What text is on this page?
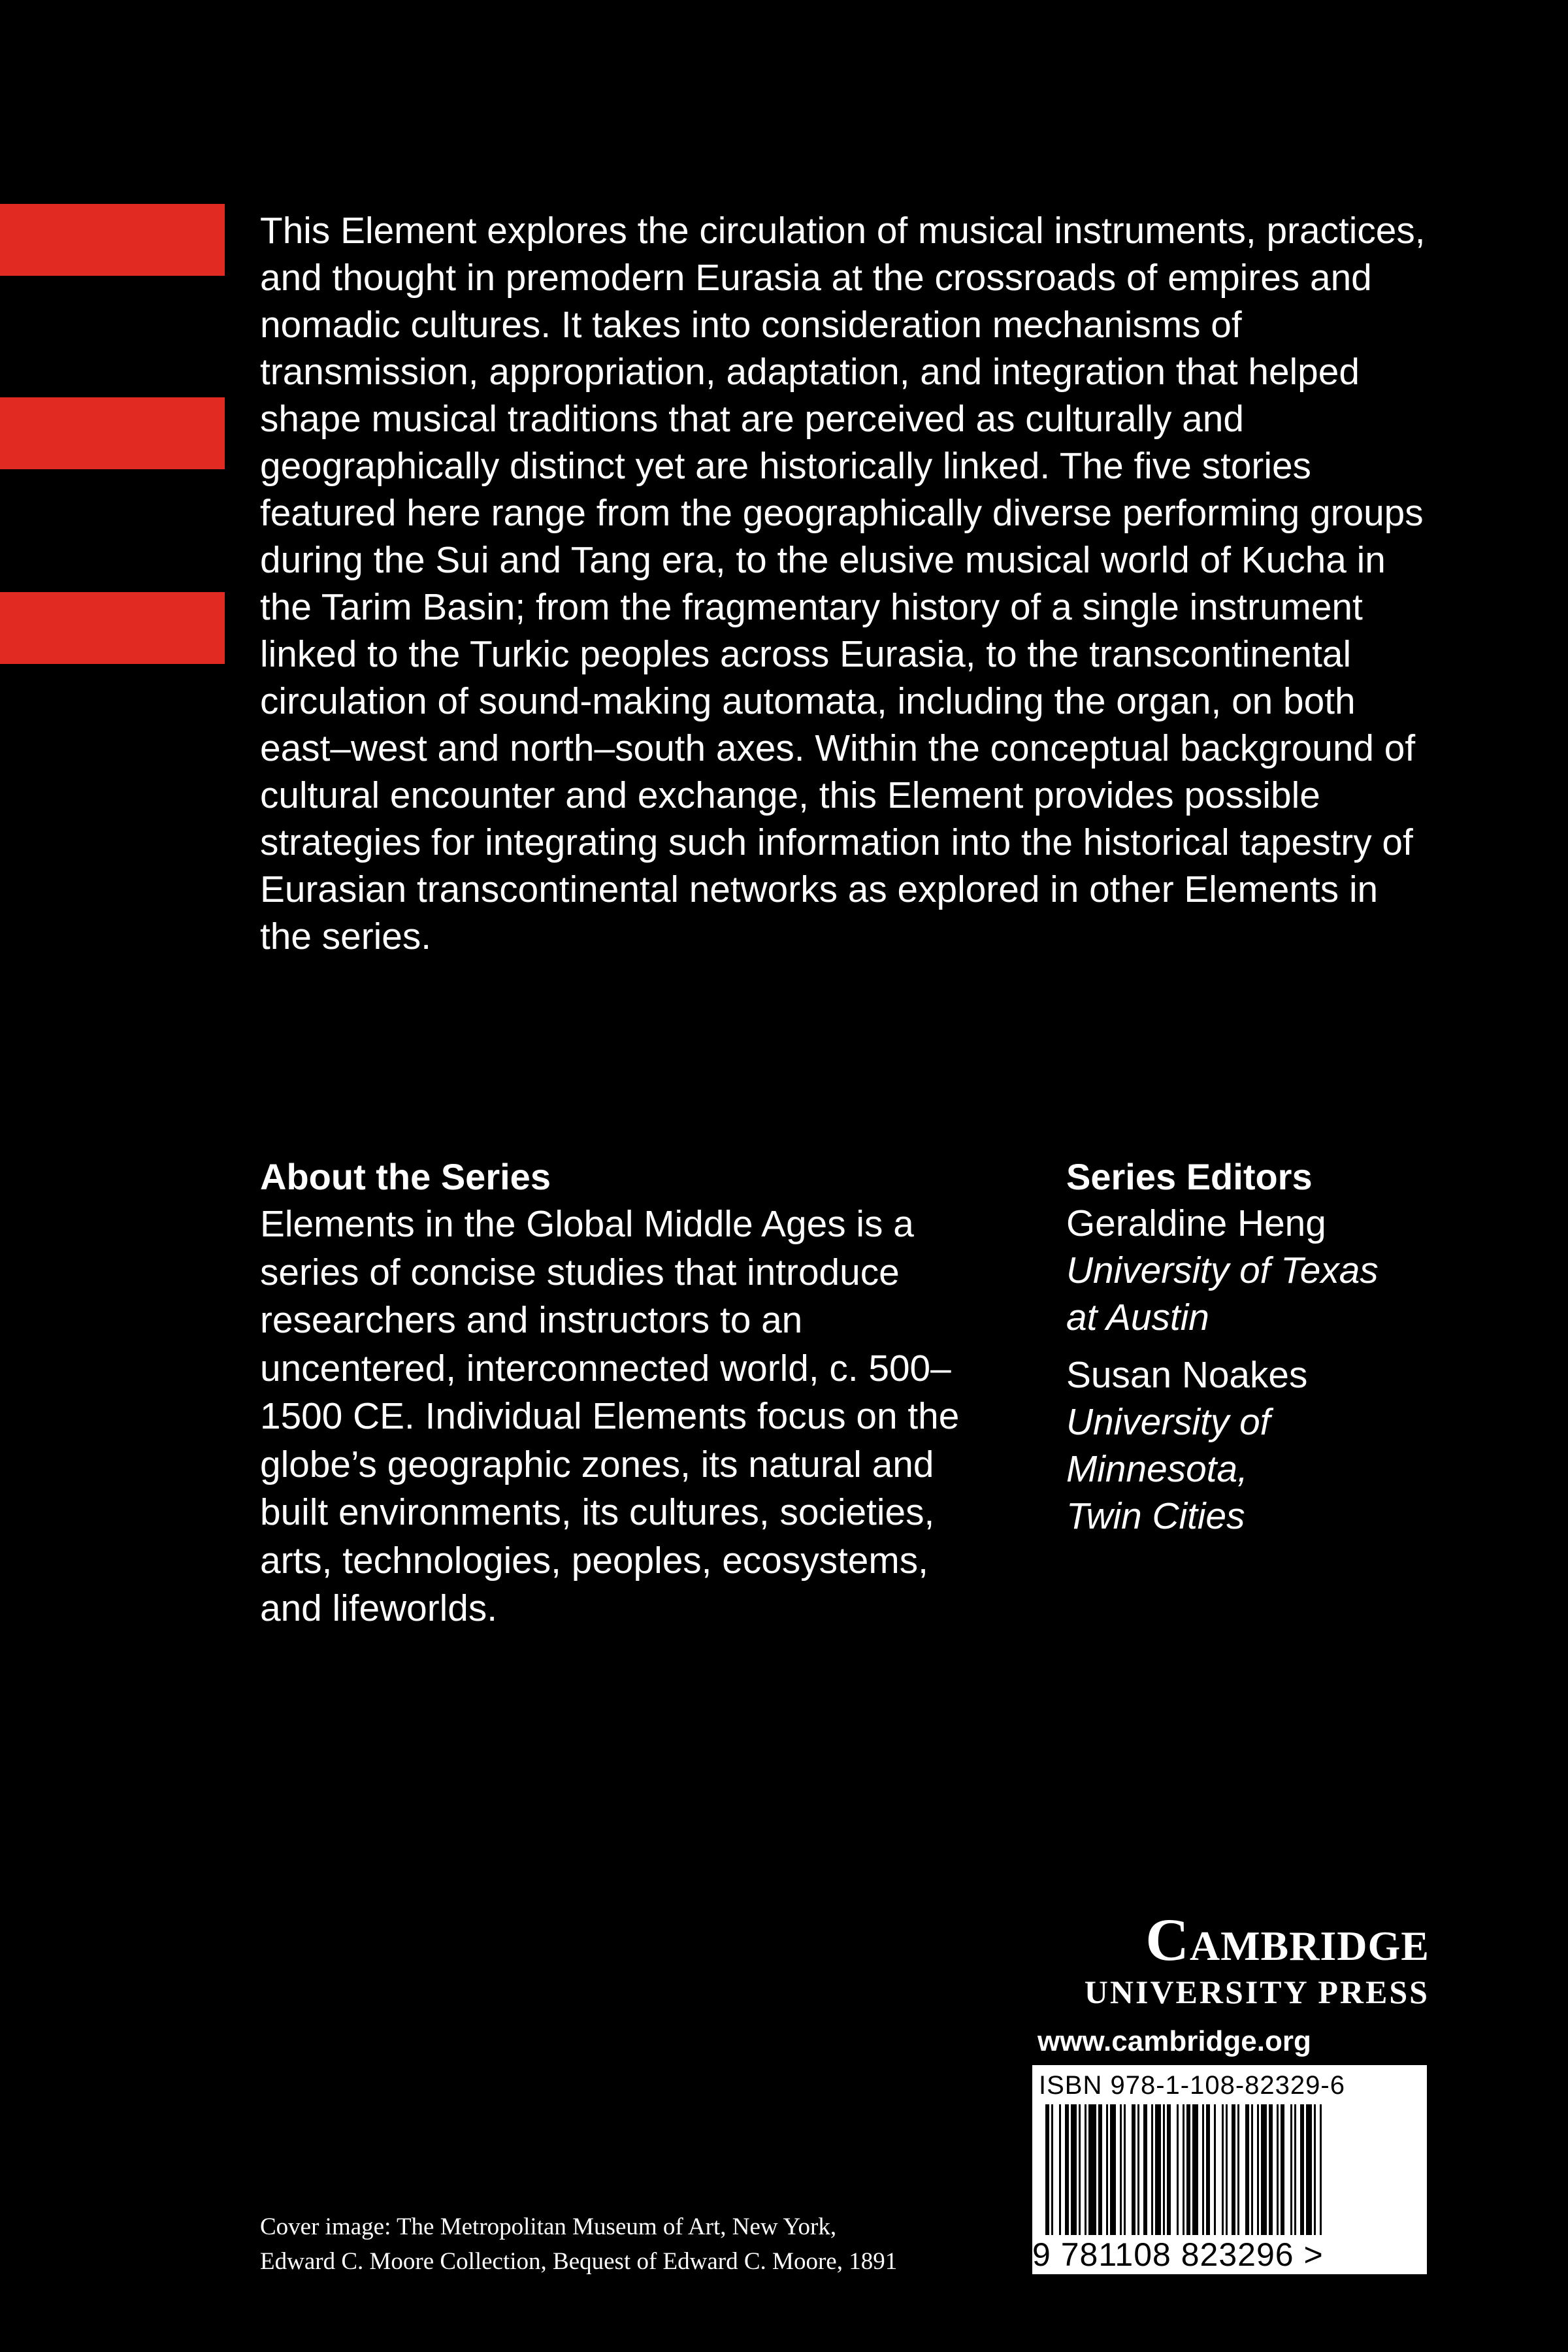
This Element explores the circulation of musical instruments, practices, and thought in premodern Eurasia at the crossroads of empires and nomadic cultures. It takes into consideration mechanisms of transmission, appropriation, adaptation, and integration that helped shape musical traditions that are perceived as culturally and geographically distinct yet are historically linked. The five stories featured here range from the geographically diverse performing groups during the Sui and Tang era, to the elusive musical world of Kucha in the Tarim Basin; from the fragmentary history of a single instrument linked to the Turkic peoples across Eurasia, to the transcontinental circulation of sound-making automata, including the organ, on both east–west and north–south axes. Within the conceptual background of cultural encounter and exchange, this Element provides possible strategies for integrating such information into the historical tapestry of Eurasian transcontinental networks as explored in other Elements in the series.

About the Series

Elements in the Global Middle Ages is a series of concise studies that introduce researchers and instructors to an uncentered, interconnected world, c. 500–1500 CE. Individual Elements focus on the globe’s geographic zones, its natural and built environments, its cultures, societies, arts, technologies, peoples, ecosystems, and lifeworlds.

Series Editors

Geraldine Heng

University of Texas
at Austin

Susan Noakes

University of
Minnesota,
Twin Cities

Cambridge

UNIVERSITY PRESS

www.cambridge.org

ISBN 978-1-108-82329-6
9 781108 823296 >
Cover image: The Metropolitan Museum of Art, New York,
Edward C. Moore Collection, Bequest of Edward C. Moore, 1891
